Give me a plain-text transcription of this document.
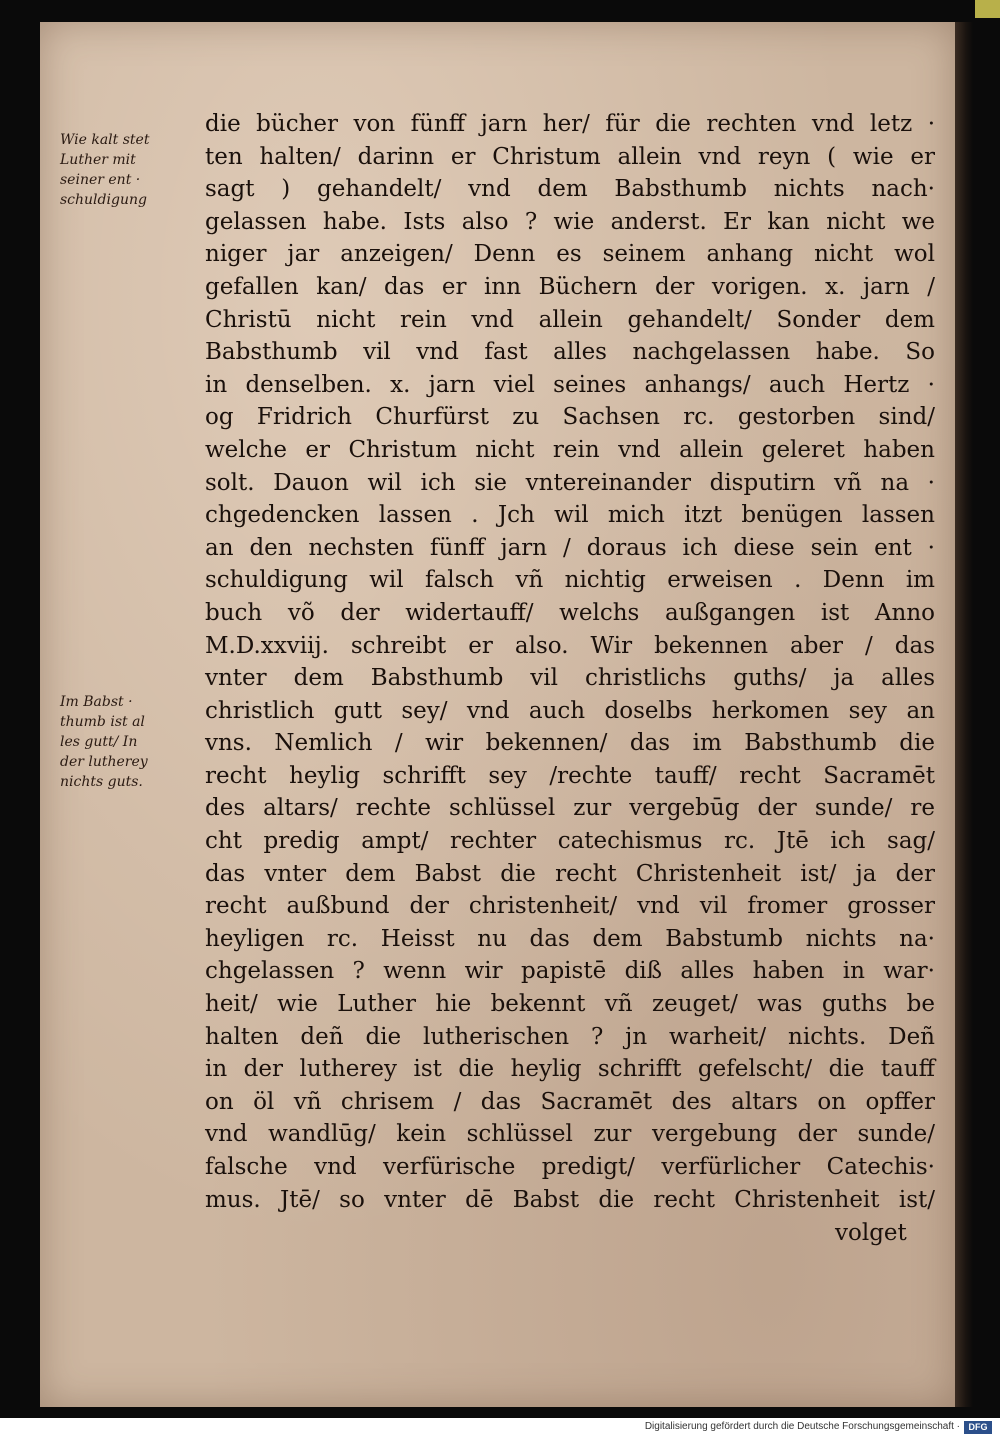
Wie kalt stet
Luther mit
seiner ent ·
schuldigung
Im Babst ·
thumb ist al
les gutt/ In
der lutherey
nichts guts.
die bücher von fünff jarn her/ für die rechten vnd letz ·
ten halten/ darinn er Christum allein vnd reyn ( wie er
sagt ) gehandelt/ vnd dem Babsthumb nichts nach·
gelassen habe. Ists also ? wie anderst. Er kan nicht we
niger jar anzeigen/ Denn es seinem anhang nicht wol
gefallen kan/ das er inn Büchern der vorigen. x. jarn /
Christū nicht rein vnd allein gehandelt/ Sonder dem
Babsthumb vil vnd fast alles nachgelassen habe. So
in denselben. x. jarn viel seines anhangs/ auch Hertz ·
og Fridrich Churfürst zu Sachsen rc. gestorben sind/
welche er Christum nicht rein vnd allein geleret haben
solt. Dauon wil ich sie vntereinander disputirn vñ na ·
chgedencken lassen . Jch wil mich itzt benügen lassen
an den nechsten fünff jarn / doraus ich diese sein ent ·
schuldigung wil falsch vñ nichtig erweisen . Denn im
buch võ der widertauff/ welchs außgangen ist Anno
M.D.xxviij. schreibt er also. Wir bekennen aber / das
vnter dem Babsthumb vil christlichs guths/ ja alles
christlich gutt sey/ vnd auch doselbs herkomen sey an
vns. Nemlich / wir bekennen/ das im Babsthumb die
recht heylig schrifft sey /rechte tauff/ recht Sacramēt
des altars/ rechte schlüssel zur vergebūg der sunde/ re
cht predig ampt/ rechter catechismus rc. Jtē ich sag/
das vnter dem Babst die recht Christenheit ist/ ja der
recht außbund der christenheit/ vnd vil fromer grosser
heyligen rc. Heisst nu das dem Babstumb nichts na·
chgelassen ? wenn wir papistē diß alles haben in war·
heit/ wie Luther hie bekennt vñ zeuget/ was guths be
halten deñ die lutherischen ? jn warheit/ nichts. Deñ
in der lutherey ist die heylig schrifft gefelscht/ die tauff
on öl vñ chrisem / das Sacramēt des altars on opffer
vnd wandlūg/ kein schlüssel zur vergebung der sunde/
falsche vnd verfürische predigt/ verfürlicher Catechis·
mus. Jtē/ so vnter dē Babst die recht Christenheit ist/
volget
Digitalisierung gefördert durch die Deutsche Forschungsgemeinschaft · DFG
